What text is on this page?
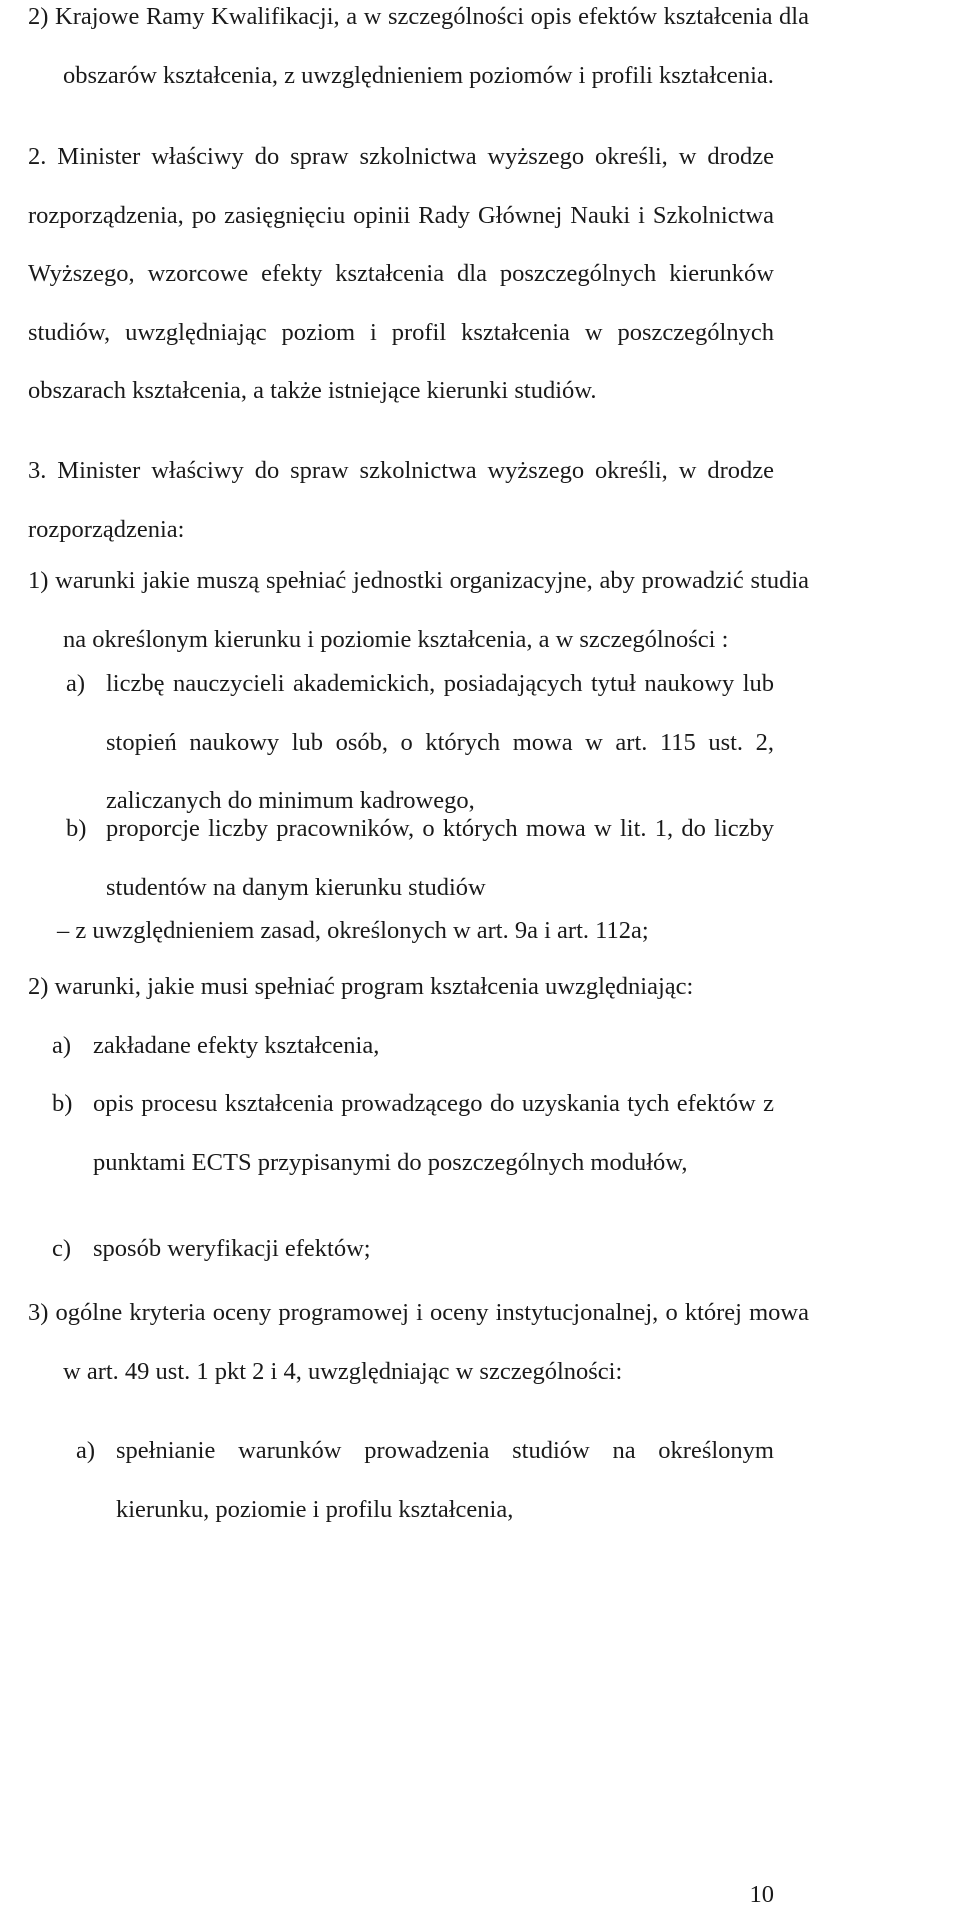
2) Krajowe Ramy Kwalifikacji, a w szczególności opis efektów kształcenia dla obszarów kształcenia, z uwzględnieniem poziomów i profili kształcenia.

2. Minister właściwy do spraw szkolnictwa wyższego określi, w drodze rozporządzenia, po zasięgnięciu opinii Rady Głównej Nauki i Szkolnictwa Wyższego, wzorcowe efekty kształcenia dla poszczególnych kierunków studiów, uwzględniając poziom i profil kształcenia w poszczególnych obszarach kształcenia, a także istniejące kierunki studiów.

3. Minister właściwy do spraw szkolnictwa wyższego określi, w drodze rozporządzenia:

1) warunki jakie muszą spełniać jednostki organizacyjne, aby prowadzić studia na określonym kierunku i poziomie kształcenia, a w szczególności :

a) liczbę nauczycieli akademickich, posiadających tytuł naukowy lub stopień naukowy lub osób, o których mowa w art. 115 ust. 2, zaliczanych do minimum kadrowego,
b) proporcje liczby pracowników, o których mowa w lit. 1, do liczby studentów na danym kierunku studiów

– z uwzględnieniem zasad, określonych w art. 9a i art. 112a;

2) warunki, jakie musi spełniać program kształcenia uwzględniając:

a) zakładane efekty kształcenia,
b) opis procesu kształcenia prowadzącego do uzyskania tych efektów z punktami ECTS przypisanymi do poszczególnych modułów,
c) sposób weryfikacji efektów;

3) ogólne kryteria oceny programowej i oceny instytucjonalnej, o której mowa w art. 49 ust. 1 pkt 2 i 4, uwzględniając w szczególności:

a) spełnianie warunków prowadzenia studiów na określonym kierunku, poziomie i profilu kształcenia,
10
